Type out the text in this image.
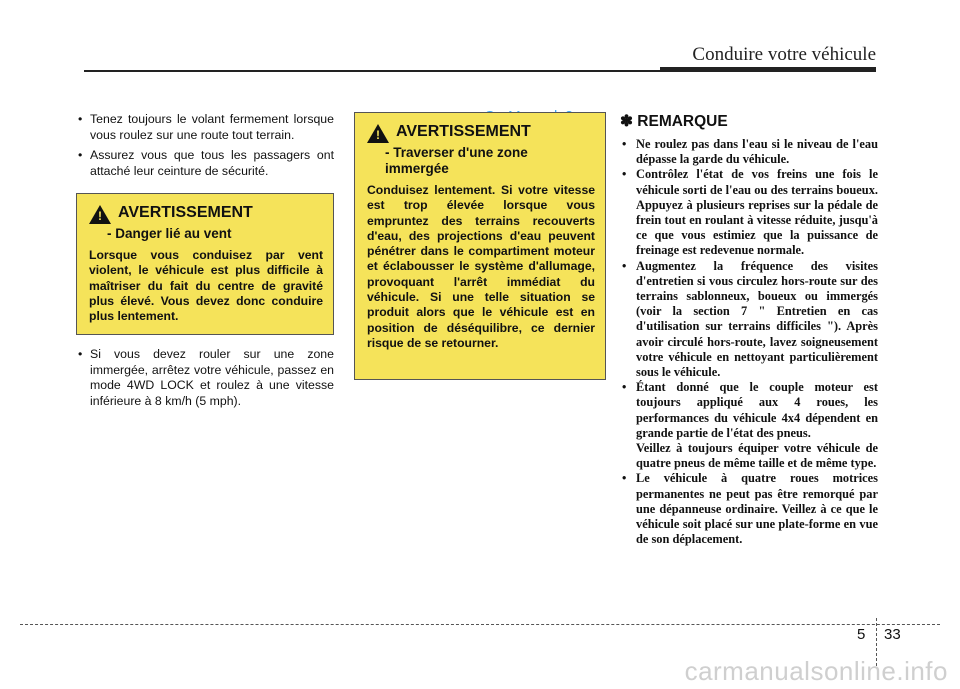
Conduire votre véhicule
• Tenez toujours le volant fermement lorsque vous roulez sur une route tout terrain.
• Assurez vous que tous les passagers ont attaché leur ceinture de sécurité.
! AVERTISSEMENT
- Danger lié au vent
Lorsque vous conduisez par vent violent, le véhicule est plus difficile à maîtriser du fait du centre de gravité plus élevé. Vous devez donc conduire plus lentement.
• Si vous devez rouler sur une zone immergée, arrêtez votre véhicule, passez en mode 4WD LOCK et roulez à une vitesse inférieure à 8 km/h (5 mph).
! AVERTISSEMENT
- Traverser d'une zone immergée
Conduisez lentement. Si votre vitesse est trop élevée lorsque vous empruntez des terrains recouverts d'eau, des projections d'eau peuvent pénétrer dans le compartiment moteur et éclabousser le système d'allumage, provoquant l'arrêt immédiat du véhicule. Si une telle situation se produit alors que le véhicule est en position de déséquilibre, ce dernier risque de se retourner.
✽ REMARQUE
• Ne roulez pas dans l'eau si le niveau de l'eau dépasse la garde du véhicule.
• Contrôlez l'état de vos freins une fois le véhicule sorti de l'eau ou des terrains boueux. Appuyez à plusieurs reprises sur la pédale de frein tout en roulant à vitesse réduite, jusqu'à ce que vous estimiez que la puissance de freinage est redevenue normale.
• Augmentez la fréquence des visites d'entretien si vous circulez hors-route sur des terrains sablonneux, boueux ou immergés (voir la section 7 " Entretien en cas d'utilisation sur terrains difficiles "). Après avoir circulé hors-route, lavez soigneusement votre véhicule en nettoyant particulièrement sous le véhicule.
• Étant donné que le couple moteur est toujours appliqué aux 4 roues, les performances du véhicule 4x4 dépendent en grande partie de l'état des pneus.
Veillez à toujours équiper votre véhicule de quatre pneus de même taille et de même type.
• Le véhicule à quatre roues motrices permanentes ne peut pas être remorqué par une dépanneuse ordinaire. Veillez à ce que le véhicule soit placé sur une plate-forme en vue de son déplacement.
5 33
carmanualsonline.info
